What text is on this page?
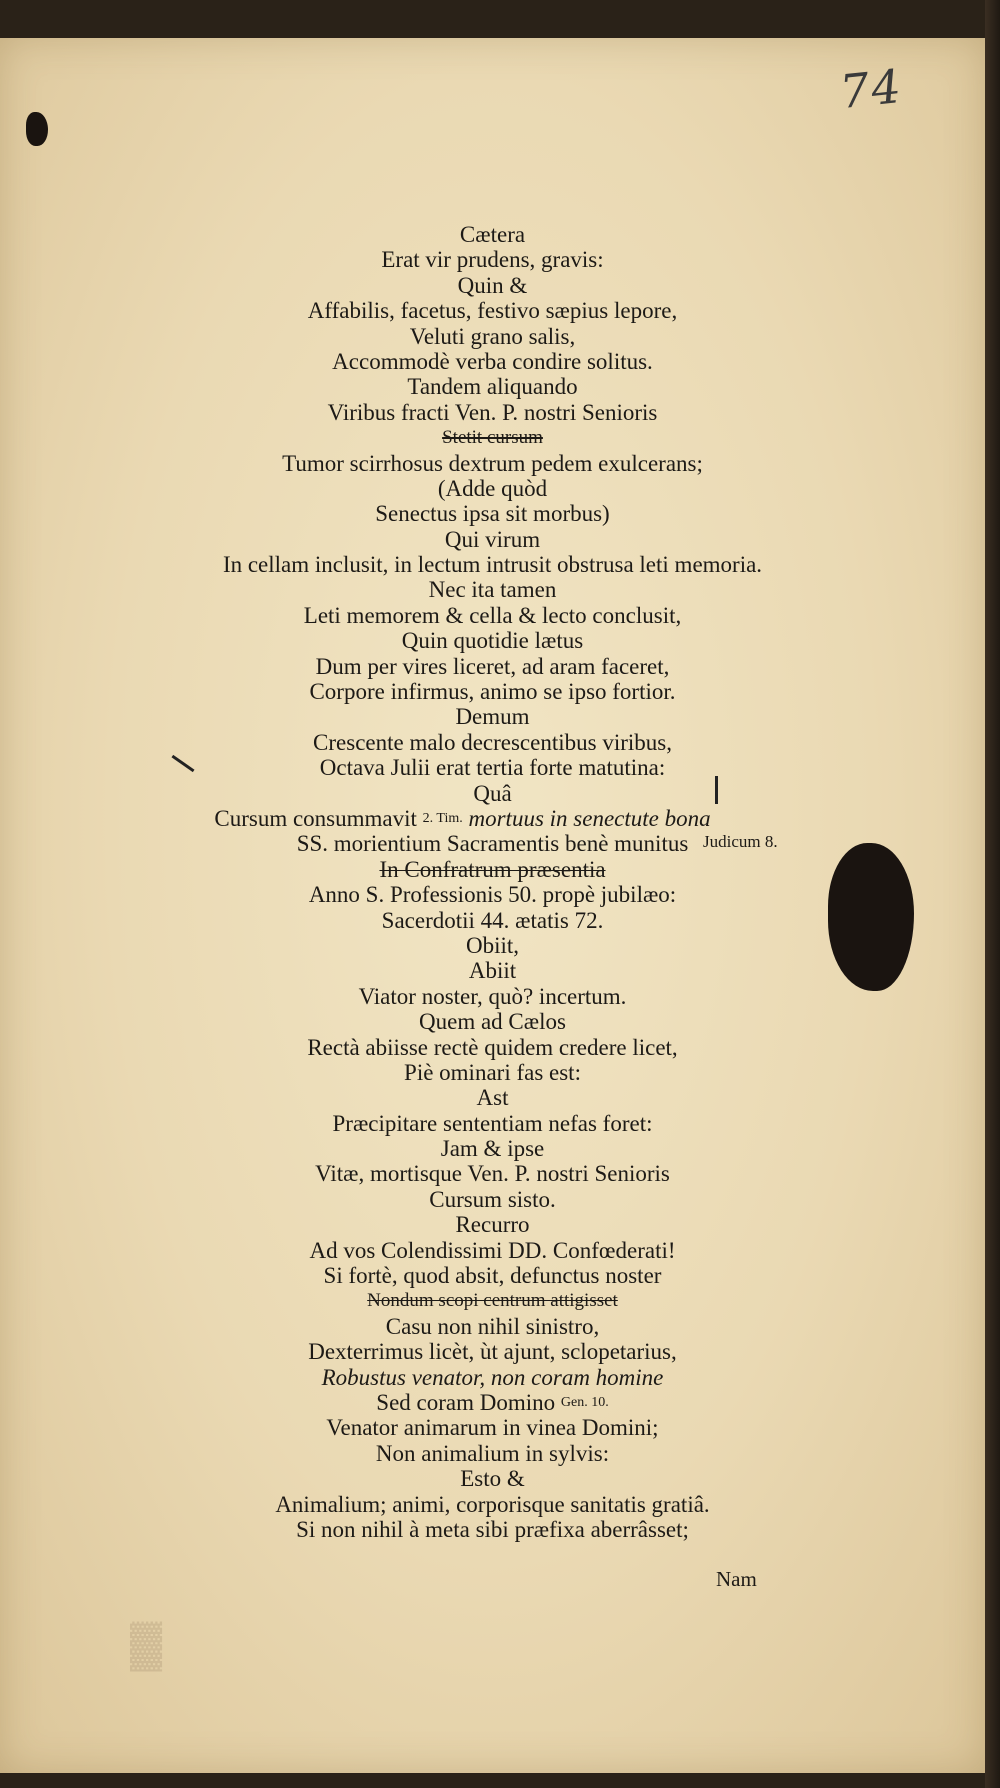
▓
74
Cætera
Erat vir prudens, gravis:
Quin &
Affabilis, facetus, festivo sæpius lepore,
Veluti grano salis,
Accommodè verba condire solitus.
Tandem aliquando
Viribus fracti Ven. P. nostri Senioris
Stetit cursum
Tumor scirrhosus dextrum pedem exulcerans;
(Adde quòd
Senectus ipsa sit morbus)
Qui virum
In cellam inclusit, in lectum intrusit obstrusa leti memoria.
Nec ita tamen
Leti memorem & cella & lecto conclusit,
Quin quotidie lætus
Dum per vires liceret, ad aram faceret,
Corpore infirmus, animo se ipso fortior.
Demum
Crescente malo decrescentibus viribus,
Octava Julii erat tertia forte matutina:
Quâ
Cursum consummavit 2. Tim. mortuus in senectute bona
SS. morientium Sacramentis benè munitus
In Confratrum præsentia
Anno S. Professionis 50. propè jubilæo:
Sacerdotii 44. ætatis 72.
Obiit,
Abiit
Viator noster, quò? incertum.
Quem ad Cælos
Rectà abiisse rectè quidem credere licet,
Piè ominari fas est:
Ast
Præcipitare sententiam nefas foret:
Jam & ipse
Vitæ, mortisque Ven. P. nostri Senioris
Cursum sisto.
Recurro
Ad vos Colendissimi DD. Confœderati!
Si fortè, quod absit, defunctus noster
Nondum scopi centrum attigisset
Casu non nihil sinistro,
Dexterrimus licèt, ùt ajunt, sclopetarius,
Robustus venator, non coram homine
Sed coram Domino Gen. 10.
Venator animarum in vinea Domini;
Non animalium in sylvis:
Esto &
Animalium; animi, corporisque sanitatis gratiâ.
Si non nihil à meta sibi præfixa aberrâsset;
Judicum 8.
Nam
